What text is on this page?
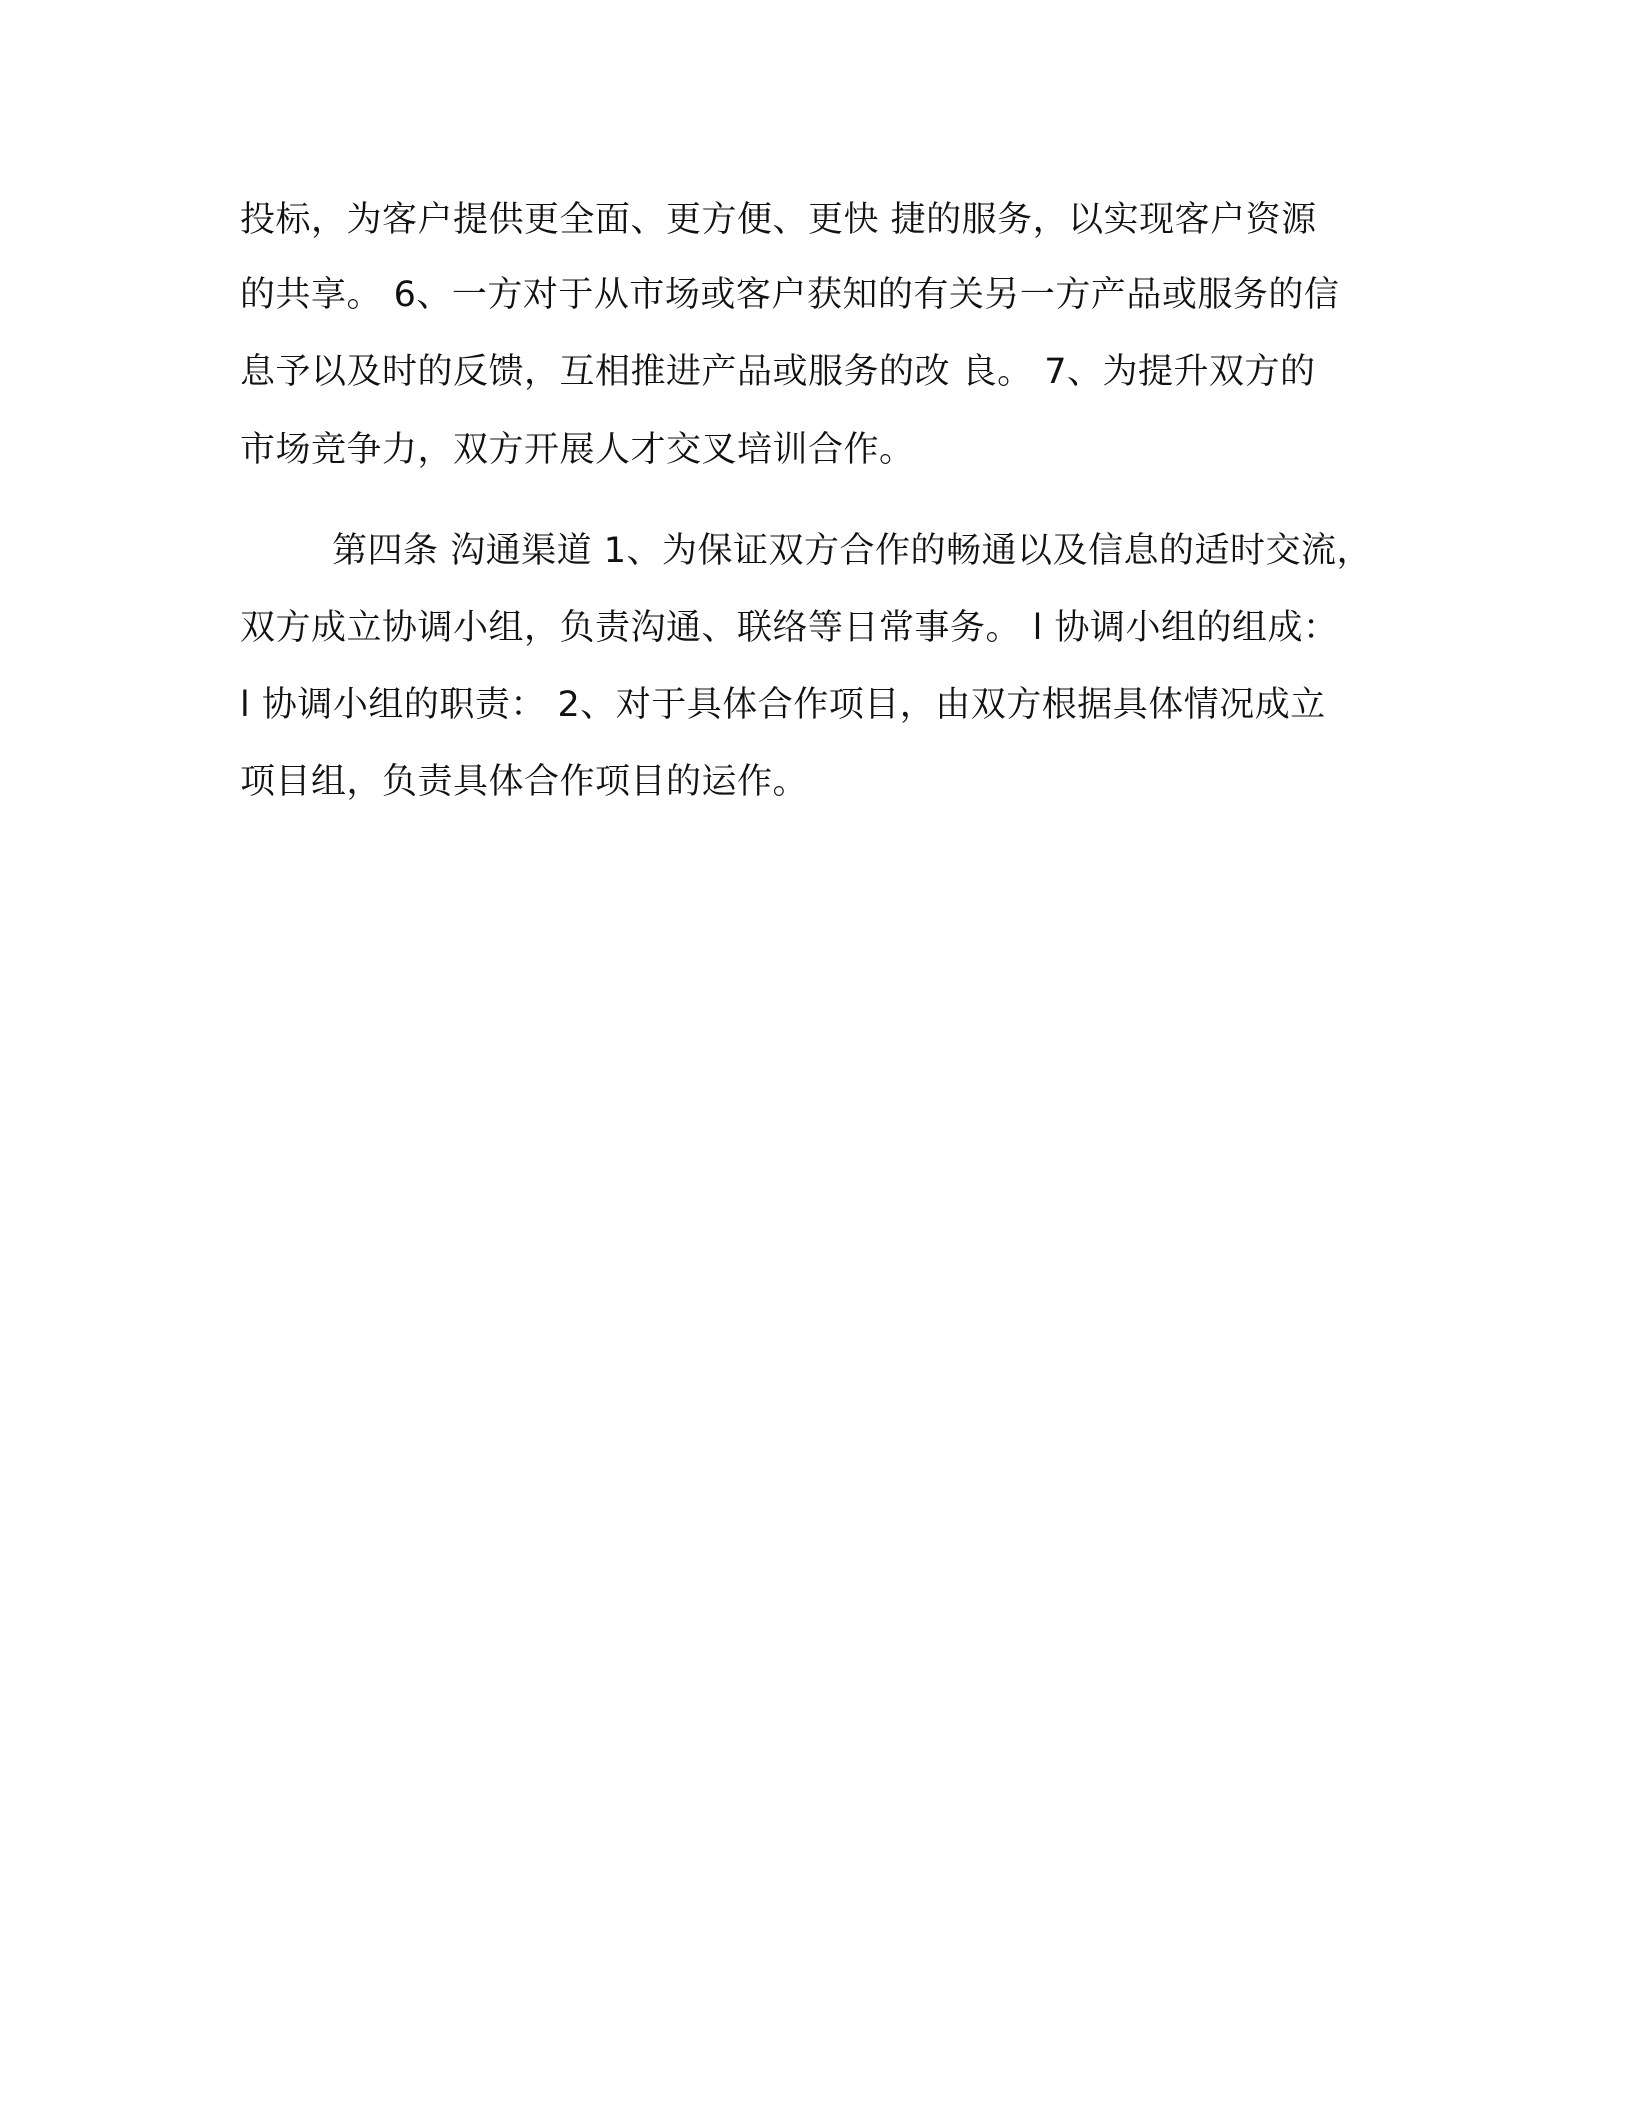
投标，为客户提供更全面、更方便、更快 捷的服务，以实现客户资源
的共享。 6、一方对于从市场或客户获知的有关另一方产品或服务的信
息予以及时的反馈，互相推进产品或服务的改 良。 7、为提升双方的
市场竞争力，双方开展人才交叉培训合作。
第四条 沟通渠道 1、为保证双方合作的畅通以及信息的适时交流，
双方成立协调小组，负责沟通、联络等日常事务。 l 协调小组的组成：
l 协调小组的职责： 2、对于具体合作项目，由双方根据具体情况成立
项目组，负责具体合作项目的运作。
